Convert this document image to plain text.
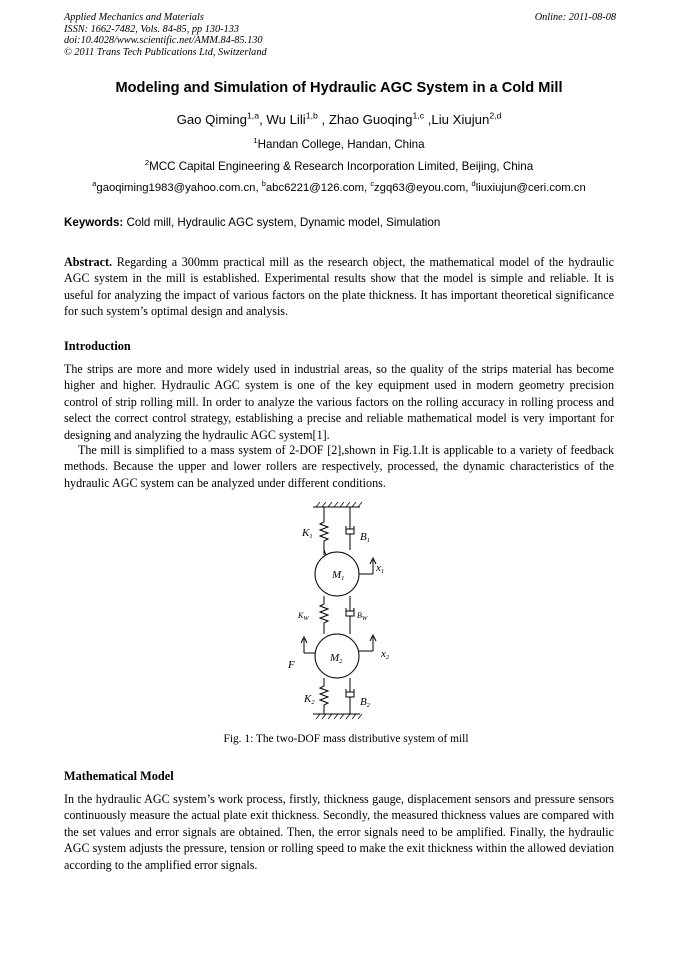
Applied Mechanics and Materials
ISSN: 1662-7482, Vols. 84-85, pp 130-133
doi:10.4028/www.scientific.net/AMM.84-85.130
© 2011 Trans Tech Publications Ltd, Switzerland
Online: 2011-08-08
Modeling and Simulation of Hydraulic AGC System in a Cold Mill
Gao Qiming$^{1,a}$, Wu Lili$^{1,b}$ , Zhao Guoqing$^{1,c}$ ,Liu Xiujun$^{2,d}$
$^1$Handan College, Handan, China
$^2$MCC Capital Engineering & Research Incorporation Limited, Beijing, China
$^a$gaoqiming1983@yahoo.com.cn, $^b$abc6221@126.com, $^c$zgq63@eyou.com, $^d$liuxiujun@ceri.com.cn
Keywords: Cold mill, Hydraulic AGC system, Dynamic model, Simulation
Abstract. Regarding a 300mm practical mill as the research object, the mathematical model of the hydraulic AGC system in the mill is established. Experimental results show that the model is simple and reliable. It is useful for analyzing the impact of various factors on the plate thickness. It has important theoretical significance for such system’s optimal design and analysis.
Introduction
The strips are more and more widely used in industrial areas, so the quality of the strips material has become higher and higher. Hydraulic AGC system is one of the key equipment used in modern geometry precision control of strip rolling mill. In order to analyze the various factors on the rolling accuracy in rolling process and select the correct control strategy, establishing a precise and reliable mathematical model is very important for designing and analyzing the hydraulic AGC system[1].
The mill is simplified to a mass system of 2-DOF [2],shown in Fig.1.It is applicable to a variety of feedback methods. Because the upper and lower rollers are respectively, processed, the dynamic characteristics of the hydraulic AGC system can be analyzed under different conditions.
K1	B1
M1
x1
$K_W$	$B_W$
M2
x2
F
K2	B2
Fig. 1: The two-DOF mass distributive system of mill
Mathematical Model
In the hydraulic AGC system’s work process, firstly, thickness gauge, displacement sensors and pressure sensors continuously measure the actual plate exit thickness. Secondly, the measured thickness values are compared with the set values and error signals are obtained. Then, the error signals need to be amplified. Finally, the hydraulic AGC system adjusts the pressure, tension or rolling speed to make the exit thickness within the allowed deviation according to the amplified error signals.
